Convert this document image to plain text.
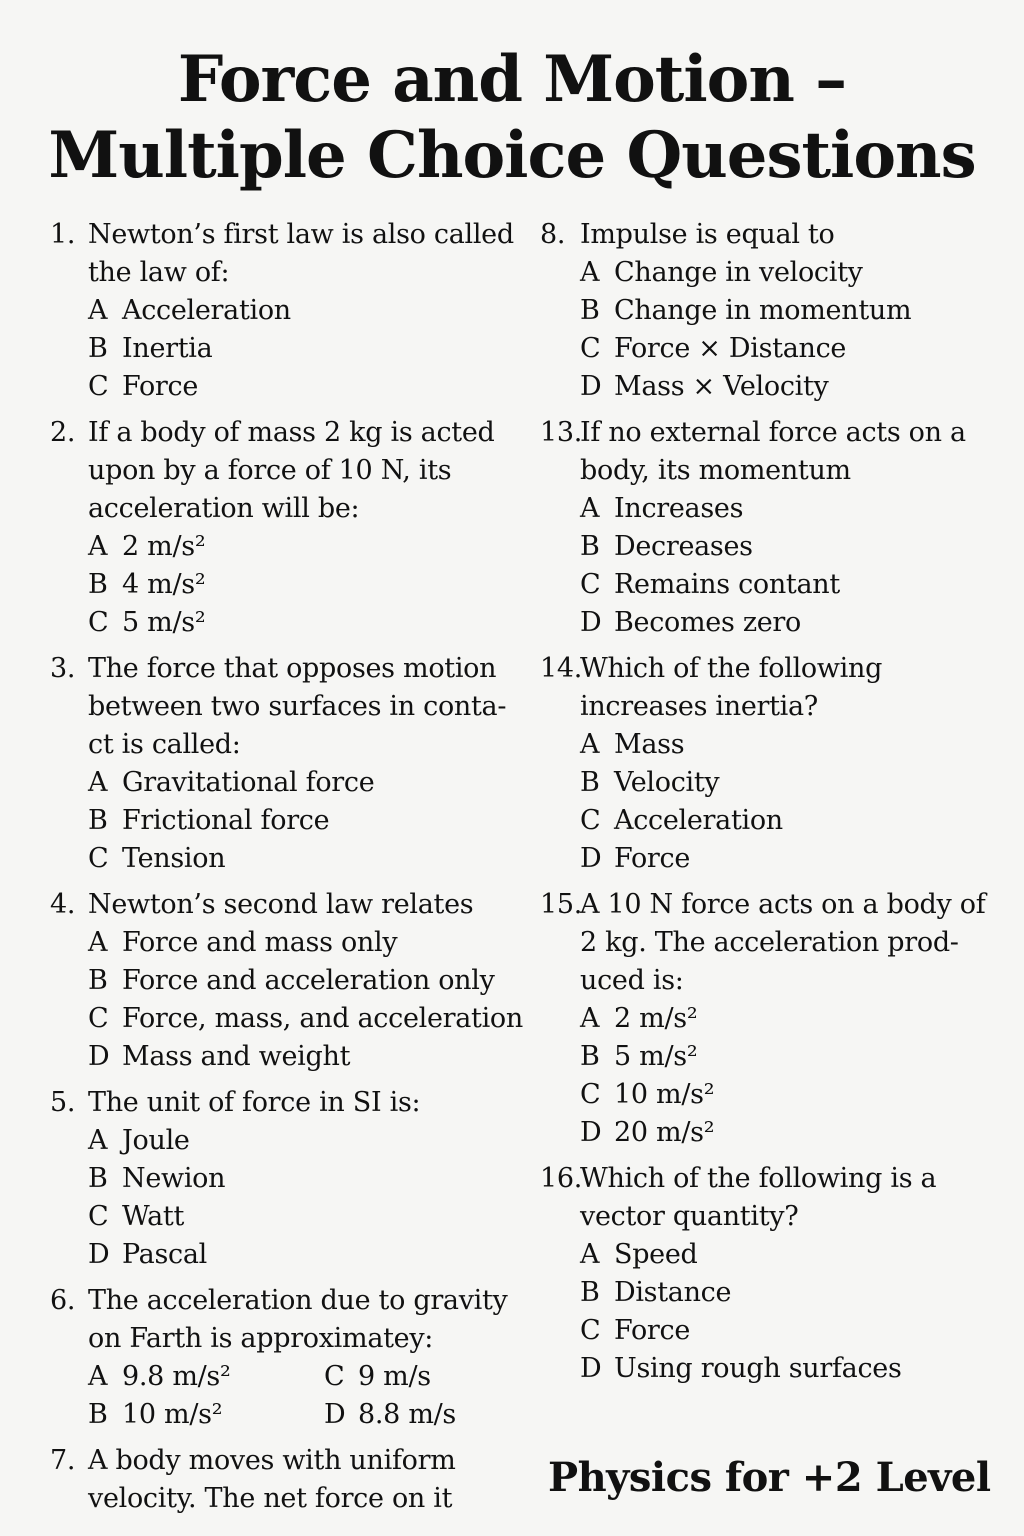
Force and Motion –
Multiple Choice Questions
1. Newton’s first law is also called the law of:
A Acceleration
B Inertia
C Force
2. If a body of mass 2 kg is acted upon by a force of 10 N, its acceleration will be:
A 2 m/s²
B 4 m/s²
C 5 m/s²
3. The force that opposes motion between two surfaces in conta-ct is called:
A Gravitational force
B Frictional force
C Tension
4. Newton’s second law relates
A Force and mass only
B Force and acceleration only
C Force, mass, and acceleration
D Mass and weight
5. The unit of force in SI is:
A Joule
B Newion
C Watt
D Pascal
6. The acceleration due to gravity on Farth is approximatey:
A 9.8 m/s²	C 9 m/s
B 10 m/s²	D 8.8 m/s
7. A body moves with uniform velocity. The net force on it
8. Impulse is equal to
A Change in velocity
B Change in momentum
C Force × Distance
D Mass × Velocity
13.
If no external force acts on a body, its momentum
A Increases
B Decreases
C Remains contant
D Becomes zero
14.
Which of the following increases inertia?
A Mass
B Velocity
C Acceleration
D Force
15.
A 10 N force acts on a body of 2 kg. The acceleration prod-uced is:
A 2 m/s²
B 5 m/s²
C 10 m/s²
D 20 m/s²
16.
Which of the following is a vector quantity?
A Speed
B Distance
C Force
D Using rough surfaces
Physics for +2 Level
